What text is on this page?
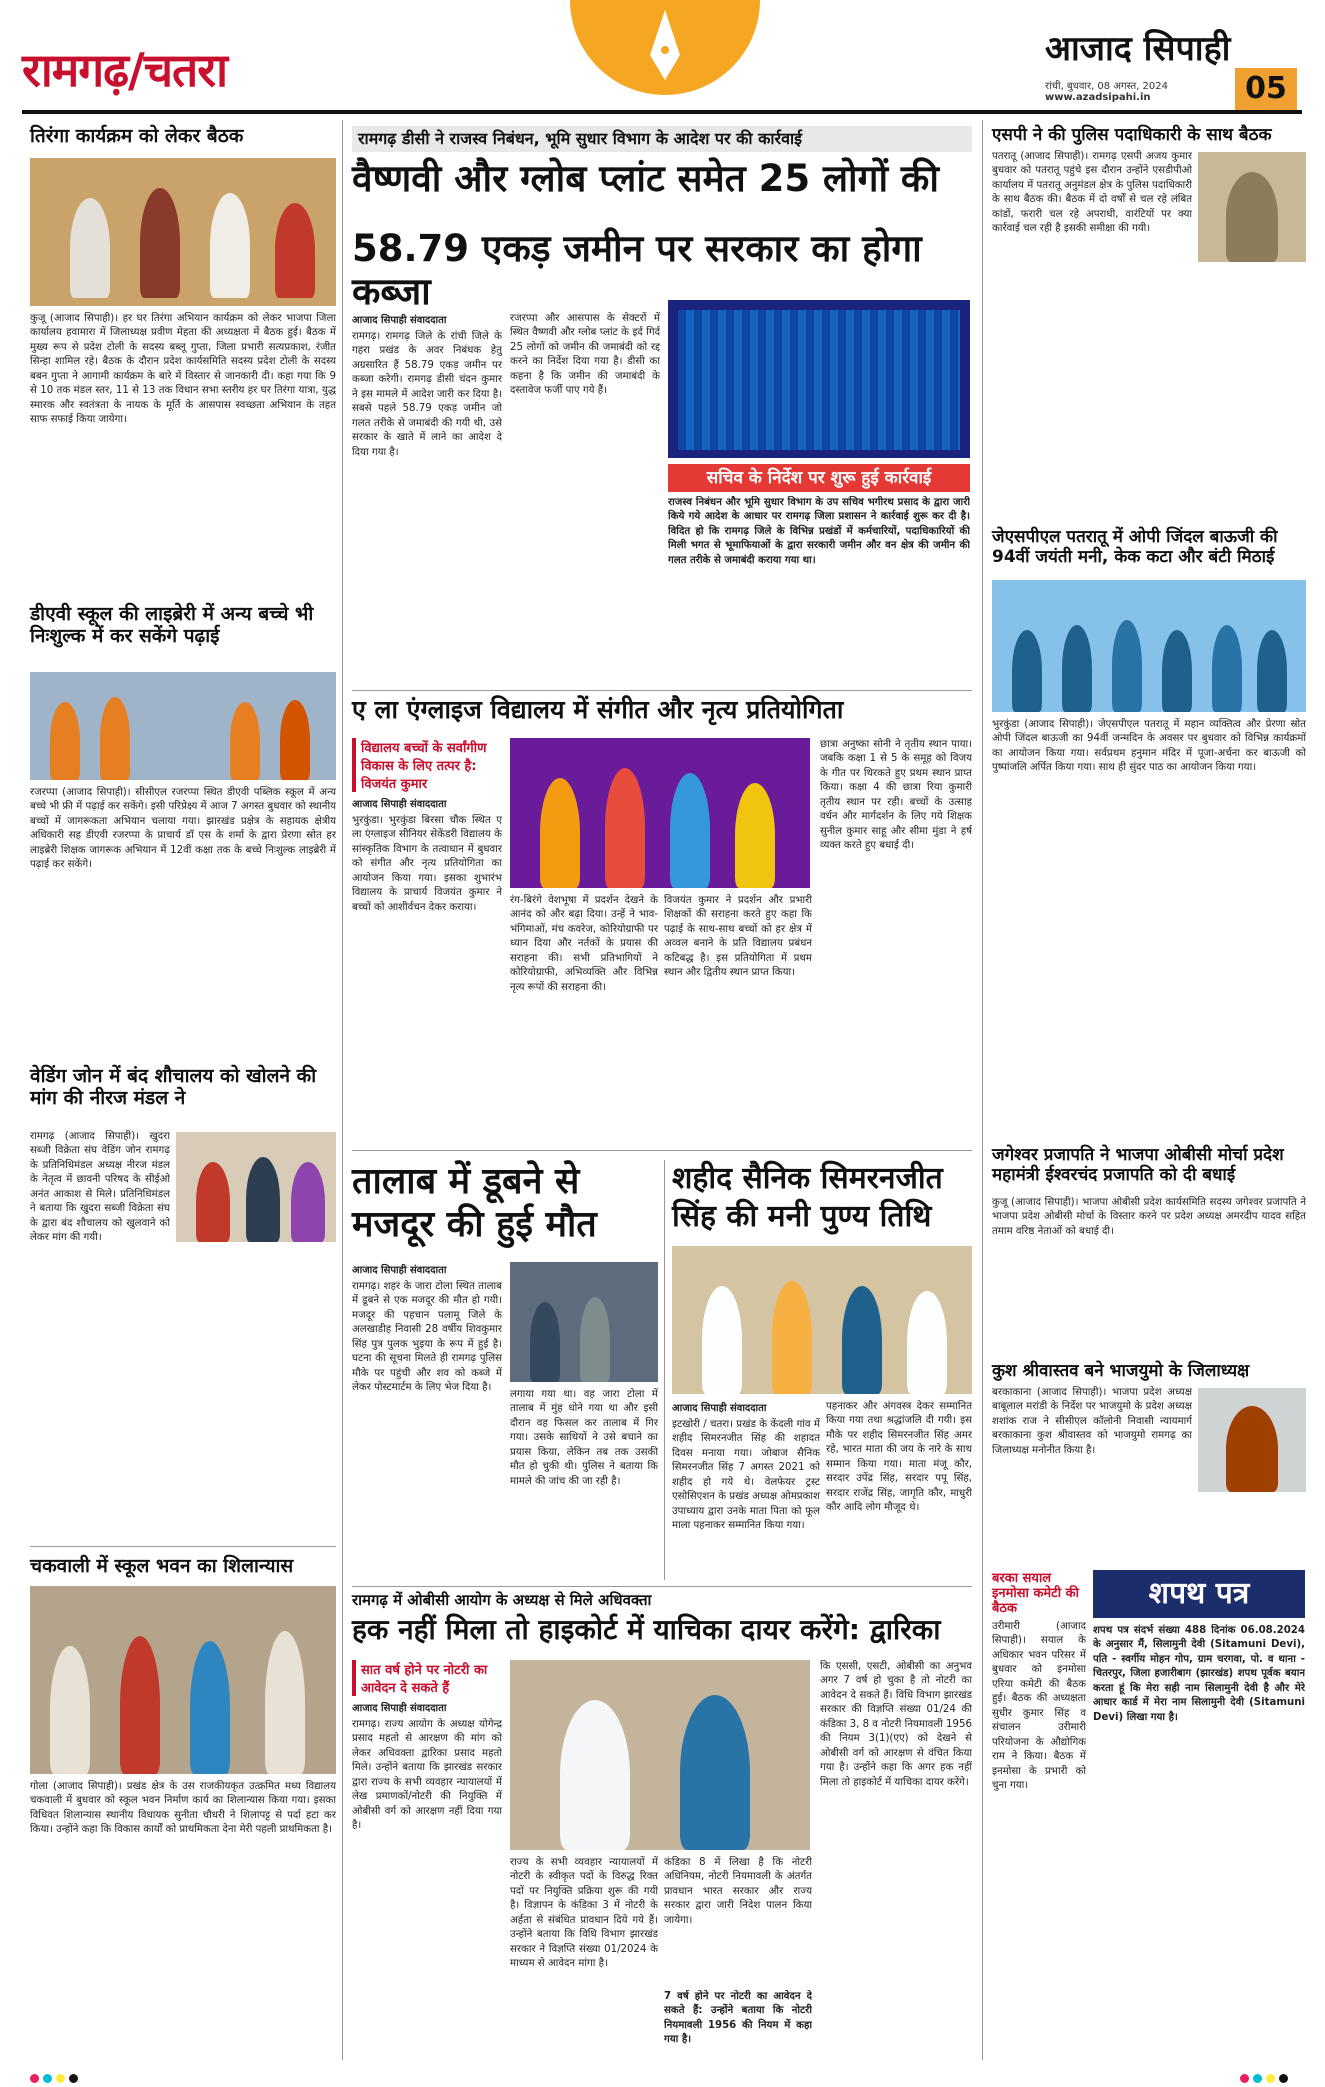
रामगढ़/चतरा	आजाद सिपाही
रांची, बुधवार, 08 अगस्त, 2024
www.azadsipahi.in	05
तिरंगा कार्यक्रम को लेकर बैठक
कुजू (आजाद सिपाही)। हर घर तिरंगा अभियान कार्यक्रम को लेकर भाजपा जिला कार्यालय हवामारा में जिलाध्यक्ष प्रवीण मेहता की अध्यक्षता में बैठक हुई। बैठक में मुख्य रूप से प्रदेश टोली के सदस्य बब्लू गुप्ता, जिला प्रभारी सत्यप्रकाश, रंजीत सिन्हा शामिल रहे। बैठक के दौरान प्रदेश कार्यसमिति सदस्य प्रदेश टोली के सदस्य बबन गुप्ता ने आगामी कार्यक्रम के बारे में विस्तार से जानकारी दी। कहा गया कि 9 से 10 तक मंडल स्तर, 11 से 13 तक विधान सभा स्तरीय हर घर तिरंगा यात्रा, युद्ध स्मारक और स्वतंत्रता के नायक के मूर्ति के आसपास स्वच्छता अभियान के तहत साफ सफाई किया जायेगा।
डीएवी स्कूल की लाइब्रेरी में अन्य बच्चे भी निःशुल्क में कर सकेंगे पढ़ाई
रजरप्पा (आजाद सिपाही)। सीसीएल रजरप्पा स्थित डीएवी पब्लिक स्कूल में अन्य बच्चे भी फ्री में पढ़ाई कर सकेंगे। इसी परिप्रेक्ष्य में आज 7 अगस्त बुधवार को स्थानीय बच्चों में जागरूकता अभियान चलाया गया। झारखंड प्रक्षेत्र के सहायक क्षेत्रीय अधिकारी सह डीएवी रजरप्पा के प्राचार्य डॉ एस के शर्मा के द्वारा प्रेरणा स्रोत हर लाइब्रेरी शिक्षक जागरूक अभियान में 12वीं कक्षा तक के बच्चे निःशुल्क लाइब्रेरी में पढ़ाई कर सकेंगे।
वेडिंग जोन में बंद शौचालय को खोलने की मांग की नीरज मंडल ने
रामगढ़ (आजाद सिपाही)। खुदरा सब्जी विक्रेता संघ वेडिंग जोन रामगढ़ के प्रतिनिधिमंडल अध्यक्ष नीरज मंडल के नेतृत्व में छावनी परिषद के सीईओ अनंत आकाश से मिले। प्रतिनिधिमंडल ने बताया कि खुदरा सब्जी विक्रेता संघ के द्वारा बंद शौचालय को खुलवाने को लेकर मांग की गयी।
चकवाली में स्कूल भवन का शिलान्यास
गोला (आजाद सिपाही)। प्रखंड क्षेत्र के उस राजकीयकृत उत्क्रमित मध्य विद्यालय चकवाली में बुधवार को स्कूल भवन निर्माण कार्य का शिलान्यास किया गया। इसका विधिवत शिलान्यास स्थानीय विधायक सुनीता चौधरी ने शिलापट्ट से पर्दा हटा कर किया। उन्होंने कहा कि विकास कार्यों को प्राथमिकता देना मेरी पहली प्राथमिकता है।
रामगढ़ डीसी ने राजस्व निबंधन, भूमि सुधार विभाग के आदेश पर की कार्रवाई
वैष्णवी और ग्लोब प्लांट समेत 25 लोगों की
58.79 एकड़ जमीन पर सरकार का होगा कब्जा
आजाद सिपाही संवाददाता
रामगढ़। रामगढ़ जिले के रांची जिले के गहरा प्रखंड के अवर निबंधक हेतु अग्रसारित हैं 58.79 एकड़ जमीन पर कब्जा करेगी। रामगढ़ डीसी चंदन कुमार ने इस मामले में आदेश जारी कर दिया है। सबसे पहले 58.79 एकड़ जमीन जो गलत तरीके से जमाबंदी की गयी थी, उसे सरकार के खाते में लाने का आदेश दे दिया गया है।
रजरप्पा और आसपास के सेक्टरों में स्थित वैष्णवी और ग्लोब प्लांट के इर्द गिर्द 25 लोगों को जमीन की जमाबंदी को रद्द करने का निर्देश दिया गया है। डीसी का कहना है कि जमीन की जमाबंदी के दस्तावेज फर्जी पाए गये हैं।
सचिव के निर्देश पर शुरू हुई कार्रवाई
राजस्व निबंधन और भूमि सुधार विभाग के उप सचिव भगीरथ प्रसाद के द्वारा जारी किये गये आदेश के आधार पर रामगढ़ जिला प्रशासन ने कार्रवाई शुरू कर दी है। विदित हो कि रामगढ़ जिले के विभिन्न प्रखंडों में कर्मचारियों, पदाधिकारियों की मिली भगत से भूमाफियाओं के द्वारा सरकारी जमीन और वन क्षेत्र की जमीन की गलत तरीके से जमाबंदी कराया गया था।
ए ला एंग्लाइज विद्यालय में संगीत और नृत्य प्रतियोगिता
विद्यालय बच्चों के सर्वांगीण विकास के लिए तत्पर है: विजयंत कुमार
आजाद सिपाही संवाददाता
भुरकुंडा। भुरकुंडा बिरसा चौक स्थित ए ला एंग्लाइज सीनियर सेकेंडरी विद्यालय के सांस्कृतिक विभाग के तत्वाधान में बुधवार को संगीत और नृत्य प्रतियोगिता का आयोजन किया गया। इसका शुभारंभ विद्यालय के प्राचार्य विजयंत कुमार ने बच्चों को आशीर्वचन देकर कराया।
रंग-बिरंगे वेशभूषा में प्रदर्शन देखने के आनंद को और बढ़ा दिया। उन्हें ने भाव-भंगिमाओं, मंच कवरेज, कोरियोग्राफी पर ध्यान दिया और नर्तकों के प्रयास की सराहना की। सभी प्रतिभागियों ने कोरियोग्राफी, अभिव्यक्ति और विभिन्न नृत्य रूपों की सराहना की।
विजयंत कुमार ने प्रदर्शन और प्रभारी शिक्षकों की सराहना करते हुए कहा कि पढ़ाई के साथ-साथ बच्चों को हर क्षेत्र में अव्वल बनाने के प्रति विद्यालय प्रबंधन कटिबद्ध है। इस प्रतियोगिता में प्रथम स्थान और द्वितीय स्थान प्राप्त किया।
छात्रा अनुष्का सोनी ने तृतीय स्थान पाया। जबकि कक्षा 1 से 5 के समूह को विजय के गीत पर थिरकते हुए प्रथम स्थान प्राप्त किया। कक्षा 4 की छात्रा रिया कुमारी तृतीय स्थान पर रही। बच्चों के उत्साह वर्धन और मार्गदर्शन के लिए गये शिक्षक सुनील कुमार साहू और सीमा मुंडा ने हर्ष व्यक्त करते हुए बधाई दी।
तालाब में डूबने से मजदूर की हुई मौत
आजाद सिपाही संवाददाता
रामगढ़। शहर के जारा टोला स्थित तालाब में डूबने से एक मजदूर की मौत हो गयी। मजदूर की पहचान पलामू जिले के अलखाडीह निवासी 28 वर्षीय शिवकुमार सिंह पुत्र पुलक भुइया के रूप में हुई है। घटना की सूचना मिलते ही रामगढ़ पुलिस मौके पर पहुंची और शव को कब्जे में लेकर पोस्टमार्टम के लिए भेज दिया है।
लगाया गया था। वह जारा टोला में तालाब में मुंह धोने गया था और इसी दौरान वह फिसल कर तालाब में गिर गया। उसके साथियों ने उसे बचाने का प्रयास किया, लेकिन तब तक उसकी मौत हो चुकी थी। पुलिस ने बताया कि मामले की जांच की जा रही है।
शहीद सैनिक सिमरनजीत सिंह की मनी पुण्य तिथि
आजाद सिपाही संवाददाता
इटखोरी / चतरा। प्रखंड के केंदली गांव में शहीद सिमरनजीत सिंह की शहादत दिवस मनाया गया। जोबाज सैनिक सिमरनजीत सिंह 7 अगस्त 2021 को शहीद हो गये थे। वेलफेयर ट्रस्ट एसोसिएशन के प्रखंड अध्यक्ष ओमप्रकाश उपाध्याय द्वारा उनके माता पिता को फूल माला पहनाकर सम्मानित किया गया।
पहनाकर और अंगवस्त्र देकर सम्मानित किया गया तथा श्रद्धांजलि दी गयी। इस मौके पर शहीद सिमरनजीत सिंह अमर रहे, भारत माता की जय के नारे के साथ सम्मान किया गया। माता मंजू कौर, सरदार उपेंद्र सिंह, सरदार पपू सिंह, सरदार राजेंद्र सिंह, जागृति कौर, माधुरी कौर आदि लोग मौजूद थे।
रामगढ़ में ओबीसी आयोग के अध्यक्ष से मिले अधिवक्ता
हक नहीं मिला तो हाइकोर्ट में याचिका दायर करेंगे: द्वारिका
सात वर्ष होने पर नोटरी का आवेदन दे सकते हैं
आजाद सिपाही संवाददाता
रामगढ़। राज्य आयोग के अध्यक्ष योगेन्द्र प्रसाद महतो से आरक्षण की मांग को लेकर अधिवक्ता द्वारिका प्रसाद महतो मिले। उन्होंने बताया कि झारखंड सरकार द्वारा राज्य के सभी व्यवहार न्यायालयों में लेख प्रमाणकों/नोटरी की नियुक्ति में ओबीसी वर्ग को आरक्षण नहीं दिया गया है।
राज्य के सभी व्यवहार न्यायालयों में नोटरी के स्वीकृत पदों के विरुद्ध रिक्त पदों पर नियुक्ति प्रक्रिया शुरू की गयी है। विज्ञापन के कंडिका 3 में नोटरी के अर्हता से संबंधित प्रावधान दिये गये हैं। उन्होंने बताया कि विधि विभाग झारखंड सरकार ने विज्ञप्ति संख्या 01/2024 के माध्यम से आवेदन मांगा है।
कंडिका 8 में लिखा है कि नोटरी अधिनियम, नोटरी नियमावली के अंतर्गत प्रावधान भारत सरकार और राज्य सरकार द्वारा जारी निदेश पालन किया जायेगा।
7 वर्ष होने पर नोटरी का आवेदन दे सकते हैं: उन्होंने बताया कि नोटरी नियमावली 1956 की नियम में कहा गया है।
कि एससी, एसटी, ओबीसी का अनुभव अगर 7 वर्ष हो चुका है तो नोटरी का आवेदन दे सकते हैं। विधि विभाग झारखंड सरकार की विज्ञप्ति संख्या 01/24 की कंडिका 3, 8 व नोटरी नियमावली 1956 की नियम 3(1)(एए) को देखने से ओबीसी वर्ग को आरक्षण से वंचित किया गया है। उन्होंने कहा कि अगर हक नहीं मिला तो हाइकोर्ट में याचिका दायर करेंगे।
एसपी ने की पुलिस पदाधिकारी के साथ बैठक
पतरातू (आजाद सिपाही)। रामगढ़ एसपी अजय कुमार बुधवार को पतरातू पहुंचे इस दौरान उन्होंने एसडीपीओ कार्यालय में पतरातू अनुमंडल क्षेत्र के पुलिस पदाधिकारी के साथ बैठक की। बैठक में दो वर्षों से चल रहे लंबित कांडों, फरारी चल रहे अपराधी, वारंटियों पर क्या कार्रवाई चल रही है इसकी समीक्षा की गयी।
जेएसपीएल पतरातू में ओपी जिंदल बाऊजी की 94वीं जयंती मनी, केक कटा और बंटी मिठाई
भुरकुंडा (आजाद सिपाही)। जेएसपीएल पतरातू में महान व्यक्तित्व और प्रेरणा स्रोत ओपी जिंदल बाऊजी का 94वीं जन्मदिन के अवसर पर बुधवार को विभिन्न कार्यक्रमों का आयोजन किया गया। सर्वप्रथम हनुमान मंदिर में पूजा-अर्चना कर बाऊजी को पुष्पांजलि अर्पित किया गया। साथ ही सुंदर पाठ का आयोजन किया गया।
जगेश्वर प्रजापति ने भाजपा ओबीसी मोर्चा प्रदेश महामंत्री ईश्वरचंद प्रजापति को दी बधाई
कुजू (आजाद सिपाही)। भाजपा ओबीसी प्रदेश कार्यसमिति सदस्य जगेश्वर प्रजापति ने भाजपा प्रदेश ओबीसी मोर्चा के विस्तार करने पर प्रदेश अध्यक्ष अमरदीप यादव सहित तमाम वरिष्ठ नेताओं को बधाई दी।
कुश श्रीवास्तव बने भाजयुमो के जिलाध्यक्ष
बरकाकाना (आजाद सिपाही)। भाजपा प्रदेश अध्यक्ष बाबूलाल मरांडी के निर्देश पर भाजयुमो के प्रदेश अध्यक्ष शशांक राज ने सीसीएल कॉलोनी निवासी न्यायमार्ग बरकाकाना कुश श्रीवास्तव को भाजयुमो रामगढ़ का जिलाध्यक्ष मनोनीत किया है।
बरका सयाल इनमोसा कमेटी की बैठक
उरीमारी (आजाद सिपाही)। सयाल के अधिकार भवन परिसर में बुधवार को इनमोसा एरिया कमेटी की बैठक हुई। बैठक की अध्यक्षता सुधीर कुमार सिंह व संचालन उरीमारी परियोजना के औद्योगिक राम ने किया। बैठक में इनमोसा के प्रभारी को चुना गया।
शपथ पत्र
शपथ पत्र संदर्भ संख्या 488 दिनांक 06.08.2024 के अनुसार मैं, सिलामुनी देवी (Sitamuni Devi), पति - स्वर्गीय मोहन गोप, ग्राम चरगवा, पो. व थाना - चितरपुर, जिला हजारीबाग (झारखंड) शपथ पूर्वक बयान करता हूं कि मेरा सही नाम सिलामुनी देवी है और मेरे आधार कार्ड में मेरा नाम सिलामुनी देवी (Sitamuni Devi) लिखा गया है।
